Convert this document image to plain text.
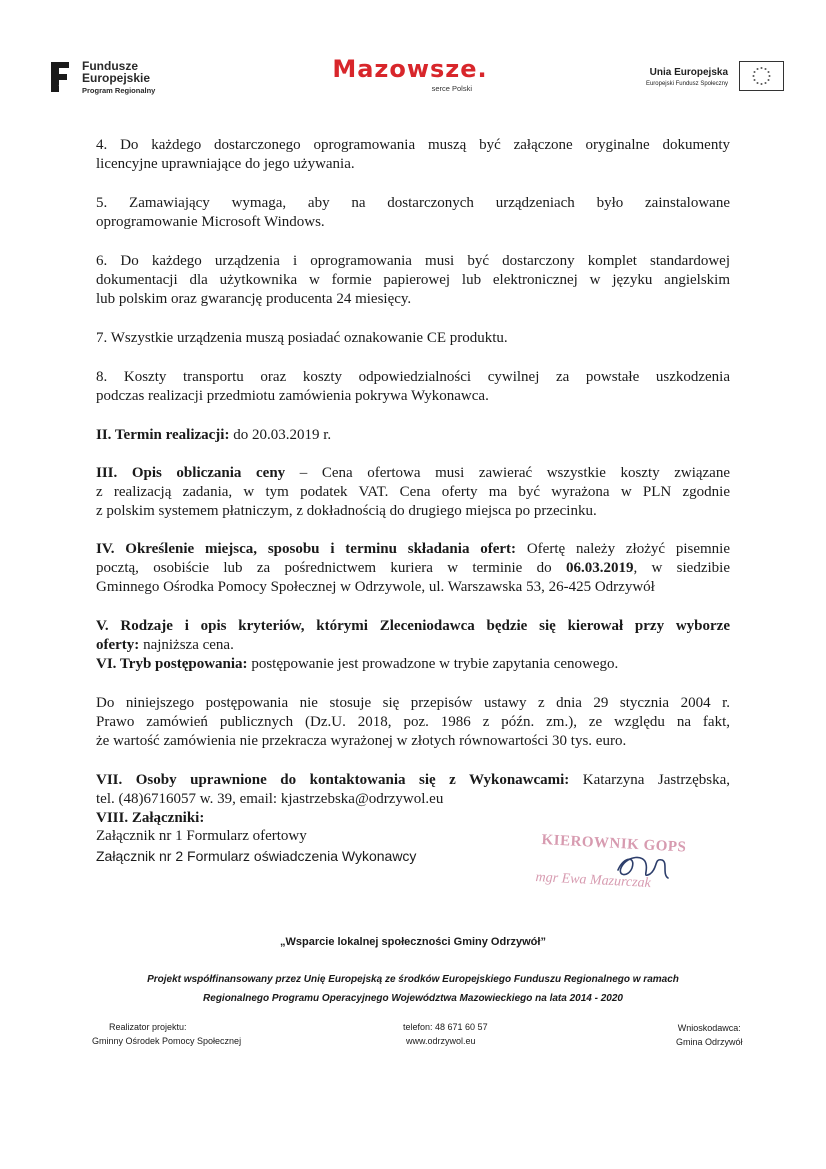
Fundusze
Europejskie
Program Regionalny
Mazowsze.
serce Polski
Unia Europejska
Europejski Fundusz Społeczny
4. Do każdego dostarczonego oprogramowania muszą być załączone oryginalne dokumenty
licencyjne uprawniające do jego używania.
5. Zamawiający wymaga, aby na dostarczonych urządzeniach było zainstalowane
oprogramowanie Microsoft Windows.
6. Do każdego urządzenia i oprogramowania musi być dostarczony komplet standardowej
dokumentacji dla użytkownika w formie papierowej lub elektronicznej w języku angielskim
lub polskim oraz gwarancję producenta 24 miesięcy.
7. Wszystkie urządzenia muszą posiadać oznakowanie CE produktu.
8. Koszty transportu oraz koszty odpowiedzialności cywilnej za powstałe uszkodzenia
podczas realizacji przedmiotu zamówienia pokrywa Wykonawca.
II. Termin realizacji: do 20.03.2019 r.
III. Opis obliczania ceny – Cena ofertowa musi zawierać wszystkie koszty związane
z realizacją zadania, w tym podatek VAT. Cena oferty ma być wyrażona w PLN zgodnie
z polskim systemem płatniczym, z dokładnością do drugiego miejsca po przecinku.
IV. Określenie miejsca, sposobu i terminu składania ofert: Ofertę należy złożyć pisemnie
pocztą, osobiście lub za pośrednictwem kuriera w terminie do 06.03.2019, w siedzibie
Gminnego Ośrodka Pomocy Społecznej w Odrzywole, ul. Warszawska 53, 26-425 Odrzywół
V. Rodzaje i opis kryteriów, którymi Zleceniodawca będzie się kierował przy wyborze
oferty: najniższa cena.
VI. Tryb postępowania: postępowanie jest prowadzone w trybie zapytania cenowego.
Do niniejszego postępowania nie stosuje się przepisów ustawy z dnia 29 stycznia 2004 r.
Prawo zamówień publicznych (Dz.U. 2018, poz. 1986 z późn. zm.), ze względu na fakt,
że wartość zamówienia nie przekracza wyrażonej w złotych równowartości 30 tys. euro.
VII. Osoby uprawnione do kontaktowania się z Wykonawcami: Katarzyna Jastrzębska,
tel. (48)6716057 w. 39, email: kjastrzebska@odrzywol.eu
VIII. Załączniki:
Załącznik nr 1 Formularz ofertowy
Załącznik nr 2 Formularz oświadczenia Wykonawcy
KIEROWNIK GOPS
mgr Ewa Mazurczak
„Wsparcie lokalnej społeczności Gminy Odrzywół”
Projekt współfinansowany przez Unię Europejską ze środków Europejskiego Funduszu Regionalnego w ramach
Regionalnego Programu Operacyjnego Województwa Mazowieckiego na lata 2014 - 2020
Realizator projektu:
Gminny Ośrodek Pomocy Społecznej
telefon: 48 671 60 57
www.odrzywol.eu
Wnioskodawca:
Gmina Odrzywół
